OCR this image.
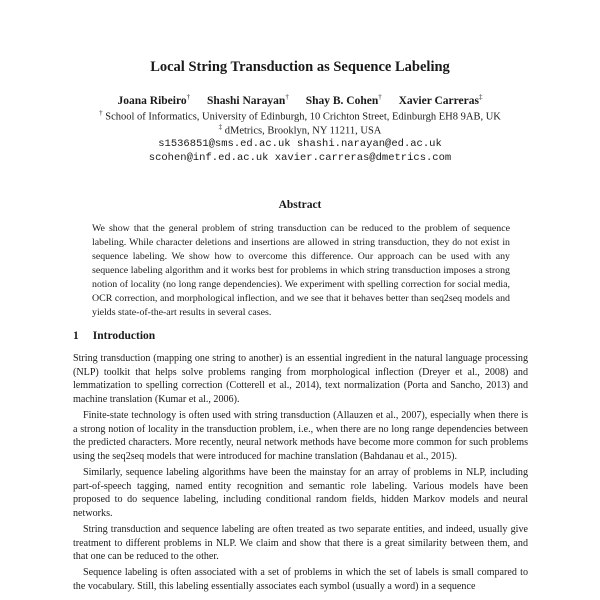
Local String Transduction as Sequence Labeling
Joana Ribeiro† Shashi Narayan† Shay B. Cohen† Xavier Carreras‡
† School of Informatics, University of Edinburgh, 10 Crichton Street, Edinburgh EH8 9AB, UK
‡ dMetrics, Brooklyn, NY 11211, USA
s1536851@sms.ed.ac.uk shashi.narayan@ed.ac.uk
scohen@inf.ed.ac.uk xavier.carreras@dmetrics.com
Abstract
We show that the general problem of string transduction can be reduced to the problem of sequence labeling. While character deletions and insertions are allowed in string transduction, they do not exist in sequence labeling. We show how to overcome this difference. Our approach can be used with any sequence labeling algorithm and it works best for problems in which string transduction imposes a strong notion of locality (no long range dependencies). We experiment with spelling correction for social media, OCR correction, and morphological inflection, and we see that it behaves better than seq2seq models and yields state-of-the-art results in several cases.
1 Introduction

String transduction (mapping one string to another) is an essential ingredient in the natural language processing (NLP) toolkit that helps solve problems ranging from morphological inflection (Dreyer et al., 2008) and lemmatization to spelling correction (Cotterell et al., 2014), text normalization (Porta and Sancho, 2013) and machine translation (Kumar et al., 2006).

Finite-state technology is often used with string transduction (Allauzen et al., 2007), especially when there is a strong notion of locality in the transduction problem, i.e., when there are no long range dependencies between the predicted characters. More recently, neural network methods have become more common for such problems using the seq2seq models that were introduced for machine translation (Bahdanau et al., 2015).

Similarly, sequence labeling algorithms have been the mainstay for an array of problems in NLP, including part-of-speech tagging, named entity recognition and semantic role labeling. Various models have been proposed to do sequence labeling, including conditional random fields, hidden Markov models and neural networks.

String transduction and sequence labeling are often treated as two separate entities, and indeed, usually give treatment to different problems in NLP. We claim and show that there is a great similarity between them, and that one can be reduced to the other.

Sequence labeling is often associated with a set of problems in which the set of labels is small compared to the vocabulary. Still, this labeling essentially associates each symbol (usually a word) in a sequence
